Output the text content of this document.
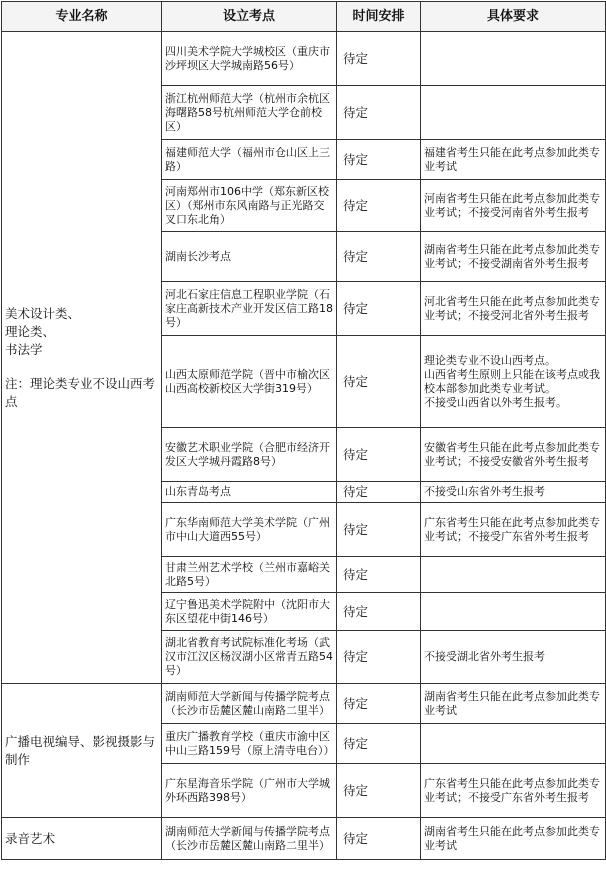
专业名称	设立考点	时间安排	具体要求

美术设计类、
理论类、
书法学
注：理论类专业不设山西考点	四川美术学院大学城校区（重庆市沙坪坝区大学城南路56号）	待定	
	浙江杭州师范大学（杭州市余杭区海曙路58号杭州师范大学仓前校区）	待定	
	福建师范大学（福州市仓山区上三路）	待定	福建省考生只能在此考点参加此类专业考试
	河南郑州市106中学（郑东新区校区）（郑州市东风南路与正光路交叉口东北角）	待定	河南省考生只能在此考点参加此类专业考试；不接受河南省外考生报考
	湖南长沙考点	待定	湖南省考生只能在此考点参加此类专业考试；不接受湖南省外考生报考
	河北石家庄信息工程职业学院（石家庄高新技术产业开发区信工路18号）	待定	河北省考生只能在此考点参加此类专业考试；不接受河北省外考生报考
	山西太原师范学院（晋中市榆次区山西高校新校区大学街319号）	待定	理论类专业不设山西考点。
山西省考生原则上只能在该考点或我校本部参加此类专业考试。
不接受山西省以外考生报考。
	安徽艺术职业学院（合肥市经济开发区大学城丹霞路8号）	待定	安徽省考生只能在此考点参加此类专业考试；不接受安徽省外考生报考
	山东青岛考点	待定	不接受山东省外考生报考
	广东华南师范大学美术学院（广州市中山大道西55号）	待定	广东省考生只能在此考点参加此类专业考试；不接受广东省外考生报考
	甘肃兰州艺术学校（兰州市嘉峪关北路5号）	待定	
	辽宁鲁迅美术学院附中（沈阳市大东区望花中街146号）	待定	
	湖北省教育考试院标准化考场（武汉市江汉区杨汊湖小区常青五路54号）	待定	不接受湖北省外考生报考

广播电视编导、影视摄影与制作	湖南师范大学新闻与传播学院考点（长沙市岳麓区麓山南路二里半）	待定	湖南省考生只能在此考点参加此类专业考试
	重庆广播教育学校（重庆市渝中区中山三路159号（原上清寺电台））	待定	
	广东星海音乐学院（广州市大学城外环西路398号）	待定	广东省考生只能在此考点参加此类专业考试；不接受广东省外考生报考

录音艺术	湖南师范大学新闻与传播学院考点（长沙市岳麓区麓山南路二里半）	待定	湖南省考生只能在此考点参加此类专业考试
